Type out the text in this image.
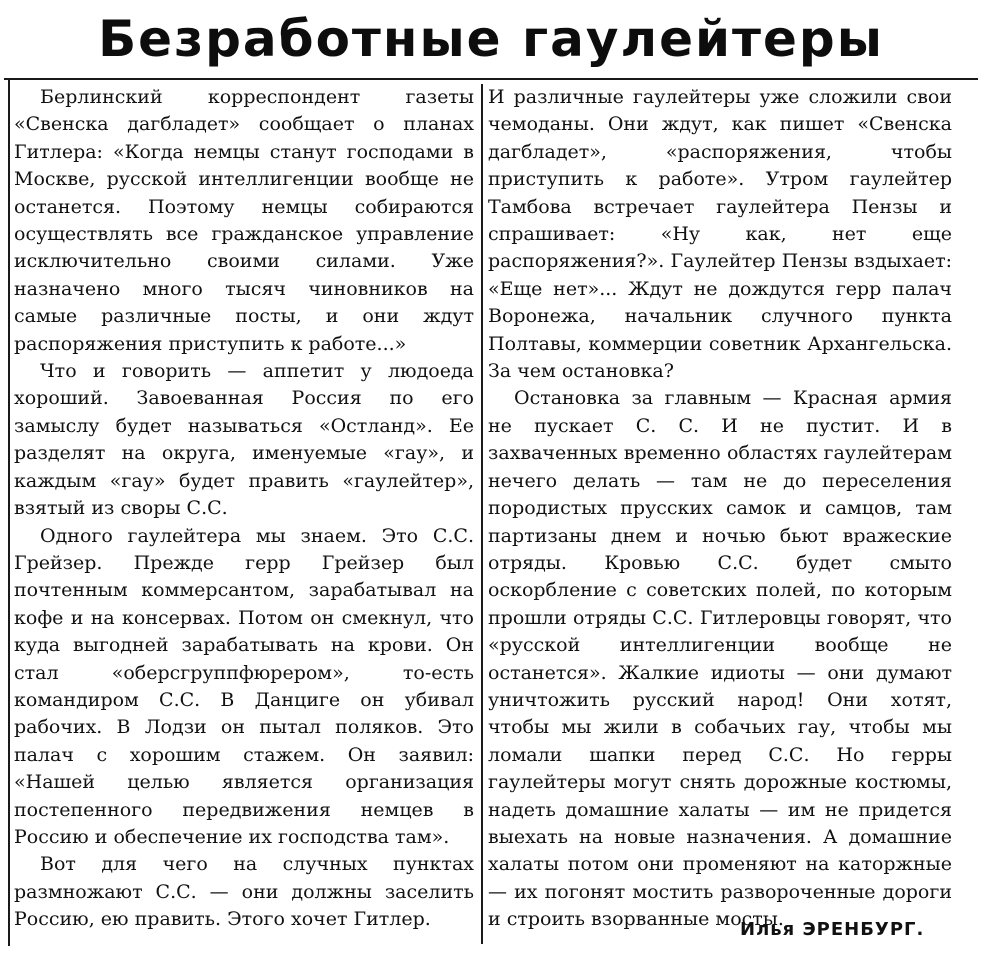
Безработные гаулейтеры

Берлинский корреспондент газеты «Свенска дагбладет» сообщает о планах Гитлера: «Когда немцы станут господами в Москве, русской интеллигенции вообще не останется. Поэтому немцы собираются осуществлять все гражданское управление исключительно своими силами. Уже назначено много тысяч чиновников на самые различные посты, и они ждут распоряжения приступить к работе...»

Что и говорить — аппетит у людоеда хороший. Завоеванная Россия по его замыслу будет называться «Остланд». Ее разделят на округа, именуемые «гау», и каждым «гау» будет править «гаулейтер», взятый из своры С.С.

Одного гаулейтера мы знаем. Это С.С. Грейзер. Прежде герр Грейзер был почтенным коммерсантом, зарабатывал на кофе и на консервах. Потом он смекнул, что куда выгодней зарабатывать на крови. Он стал «оберсгруппфюрером», то-есть командиром С.С. В Данциге он убивал рабочих. В Лодзи он пытал поляков. Это палач с хорошим стажем. Он заявил: «Нашей целью является организация постепенного передвижения немцев в Россию и обеспечение их господства там».

Вот для чего на случных пунктах размножают С.С. — они должны заселить Россию, ею править. Этого хочет Гитлер.

И различные гаулейтеры уже сложили свои чемоданы. Они ждут, как пишет «Свенска дагбладет», «распоряжения, чтобы приступить к работе». Утром гаулейтер Тамбова встречает гаулейтера Пензы и спрашивает: «Ну как, нет еще распоряжения?». Гаулейтер Пензы вздыхает: «Еще нет»... Ждут не дождутся герр палач Воронежа, начальник случного пункта Полтавы, коммерции советник Архангельска. За чем остановка?

Остановка за главным — Красная армия не пускает С. С. И не пустит. И в захваченных временно областях гаулейтерам нечего делать — там не до переселения породистых прусских самок и самцов, там партизаны днем и ночью бьют вражеские отряды. Кровью С.С. будет смыто оскорбление с советских полей, по которым прошли отряды С.С. Гитлеровцы говорят, что «русской интеллигенции вообще не останется». Жалкие идиоты — они думают уничтожить русский народ! Они хотят, чтобы мы жили в собачьих гау, чтобы мы ломали шапки перед С.С. Но герры гаулейтеры могут снять дорожные костюмы, надеть домашние халаты — им не придется выехать на новые назначения. А домашние халаты потом они променяют на каторжные — их погонят мостить развороченные дороги и строить взорванные мосты.

Илья ЭРЕНБУРГ.
